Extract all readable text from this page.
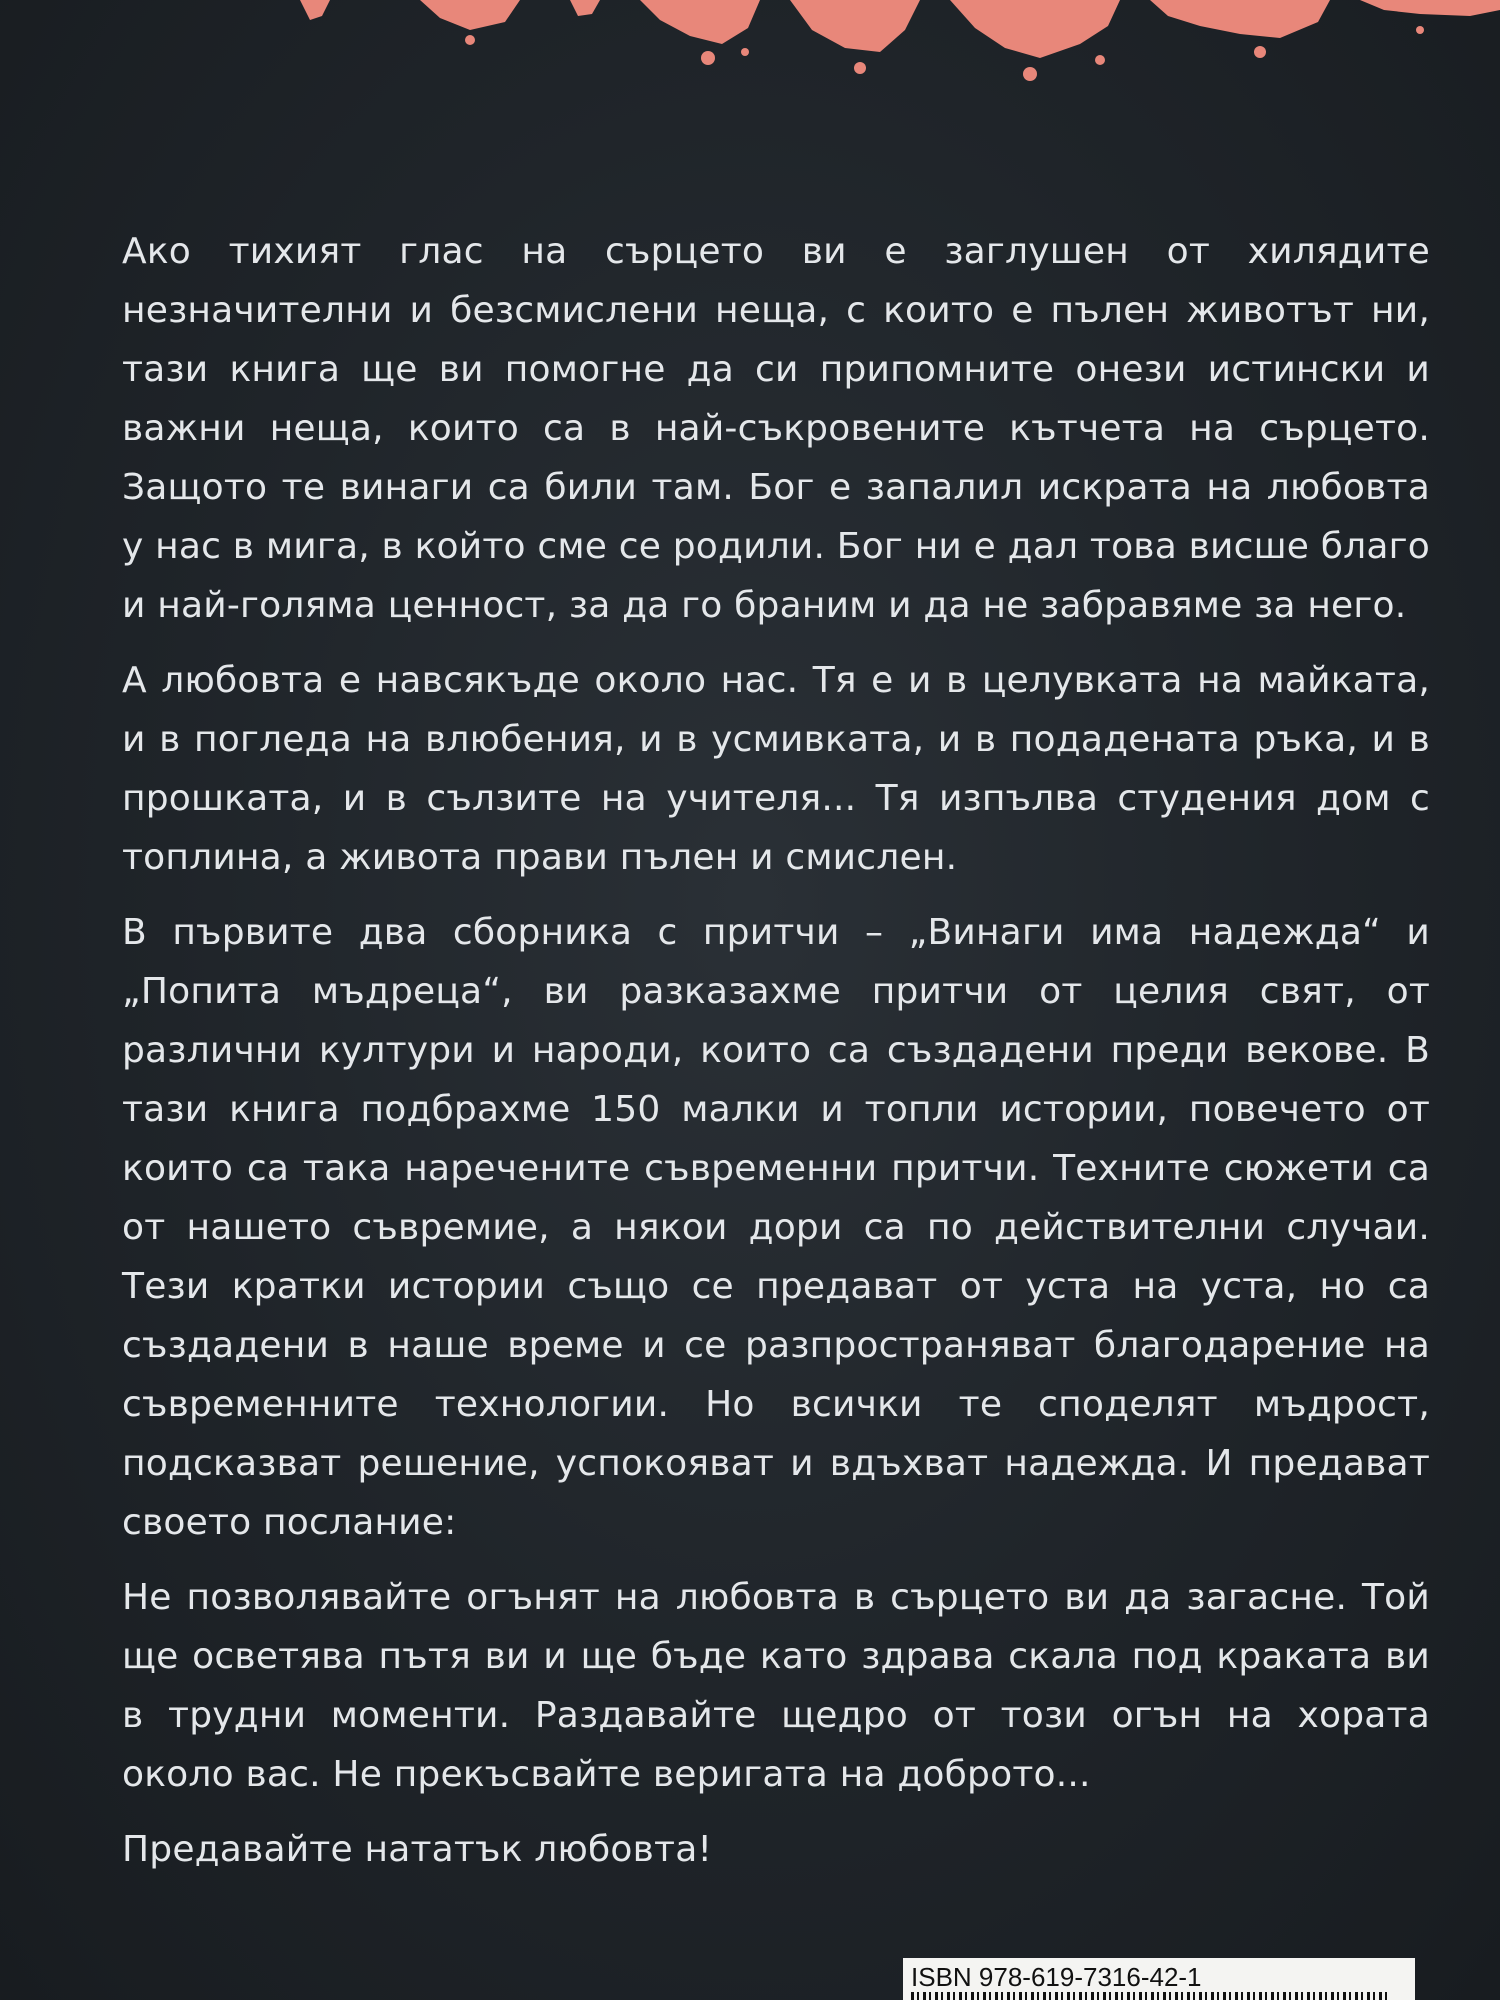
Ако тихият глас на сърцето ви е заглушен от хилядите незначителни и безсмислени неща, с които е пълен животът ни, тази книга ще ви помогне да си припомните онези истински и важни неща, които са в най-съкровените кътчета на сърцето. Защото те винаги са били там. Бог е запалил искрата на любовта у нас в мига, в който сме се родили. Бог ни е дал това висше благо и най-голяма ценност, за да го браним и да не забравяме за него.

А любовта е навсякъде около нас. Тя е и в целувката на майката, и в погледа на влюбения, и в усмивката, и в подадената ръка, и в прошката, и в сълзите на учителя... Тя изпълва студения дом с топлина, а живота прави пълен и смислен.

В първите два сборника с притчи – „Винаги има надежда“ и „Попита мъдреца“, ви разказахме притчи от целия свят, от различни култури и народи, които са създадени преди векове. В тази книга подбрахме 150 малки и топли истории, повечето от които са така наречените съвременни притчи. Техните сюжети са от нашето съвремие, а някои дори са по действителни случаи. Тези кратки истории също се предават от уста на уста, но са създадени в наше време и се разпространяват благодарение на съвременните технологии. Но всички те споделят мъдрост, подсказват решение, успокояват и вдъхват надежда. И предават своето послание:

Не позволявайте огънят на любовта в сърцето ви да загасне. Той ще осветява пътя ви и ще бъде като здрава скала под краката ви в трудни моменти. Раздавайте щедро от този огън на хората около вас. Не прекъсвайте веригата на доброто...

Предавайте нататък любовта!

ISBN 978-619-7316-42-1
